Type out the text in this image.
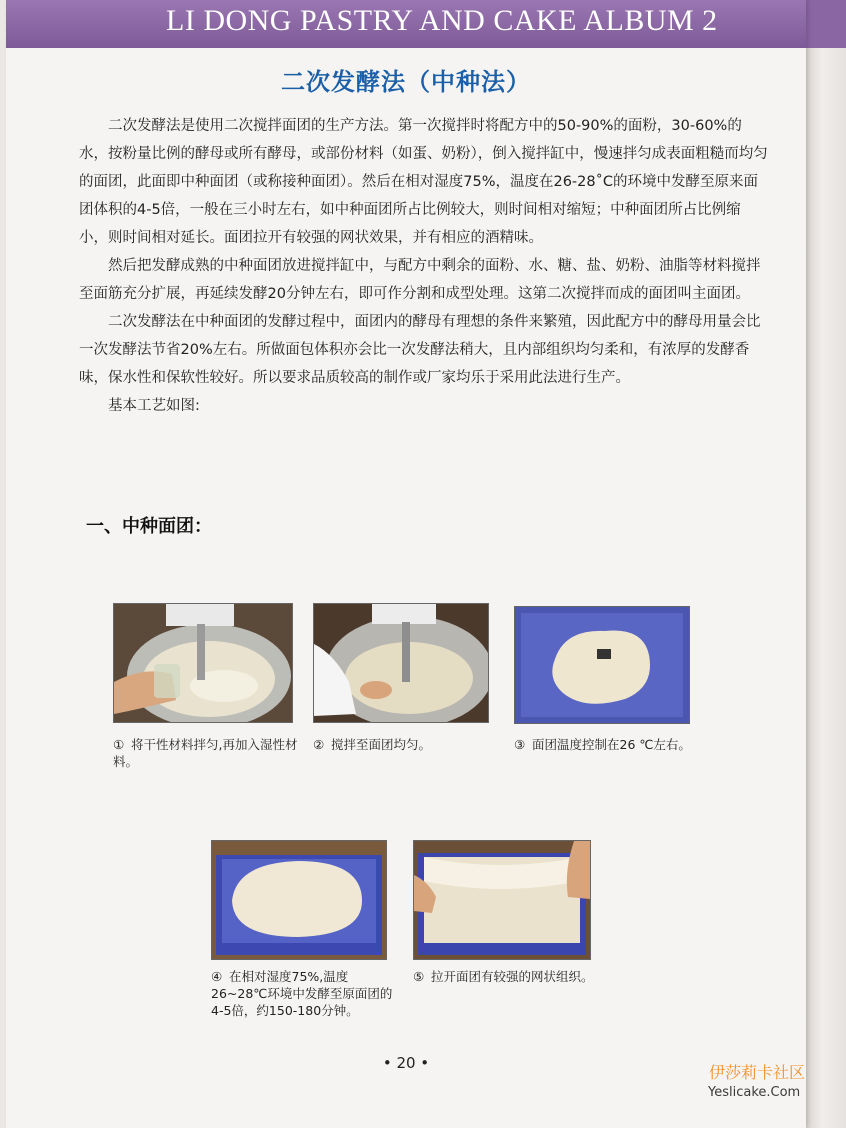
LI DONG PASTRY AND CAKE ALBUM 2
二次发酵法（中种法）

二次发酵法是使用二次搅拌面团的生产方法。第一次搅拌时将配方中的50-90%的面粉，30-60%的水，按粉量比例的酵母或所有酵母，或部份材料（如蛋、奶粉），倒入搅拌缸中，慢速拌匀成表面粗糙而均匀的面团，此面即中种面团（或称接种面团）。然后在相对湿度75%，温度在26-28˚C的环境中发酵至原来面团体积的4-5倍，一般在三小时左右，如中种面团所占比例较大，则时间相对缩短；中种面团所占比例缩小，则时间相对延长。面团拉开有较强的网状效果，并有相应的酒精味。

然后把发酵成熟的中种面团放进搅拌缸中，与配方中剩余的面粉、水、糖、盐、奶粉、油脂等材料搅拌至面筋充分扩展，再延续发酵20分钟左右，即可作分割和成型处理。这第二次搅拌而成的面团叫主面团。

二次发酵法在中种面团的发酵过程中，面团内的酵母有理想的条件来繁殖，因此配方中的酵母用量会比一次发酵法节省20%左右。所做面包体积亦会比一次发酵法稍大，且内部组织均匀柔和，有浓厚的发酵香味，保水性和保软性较好。所以要求品质较高的制作或厂家均乐于采用此法进行生产。

基本工艺如图:

一、中种面团：
① 将干性材料拌匀,再加入湿性材料。
② 搅拌至面团均匀。	③ 面团温度控制在26 ℃左右。
④ 在相对湿度75%,温度26~28℃环境中发酵至原面团的4-5倍，约150-180分钟。
⑤ 拉开面团有较强的网状组织。
• 20 •	伊莎莉卡社区
Yeslicake.Com
